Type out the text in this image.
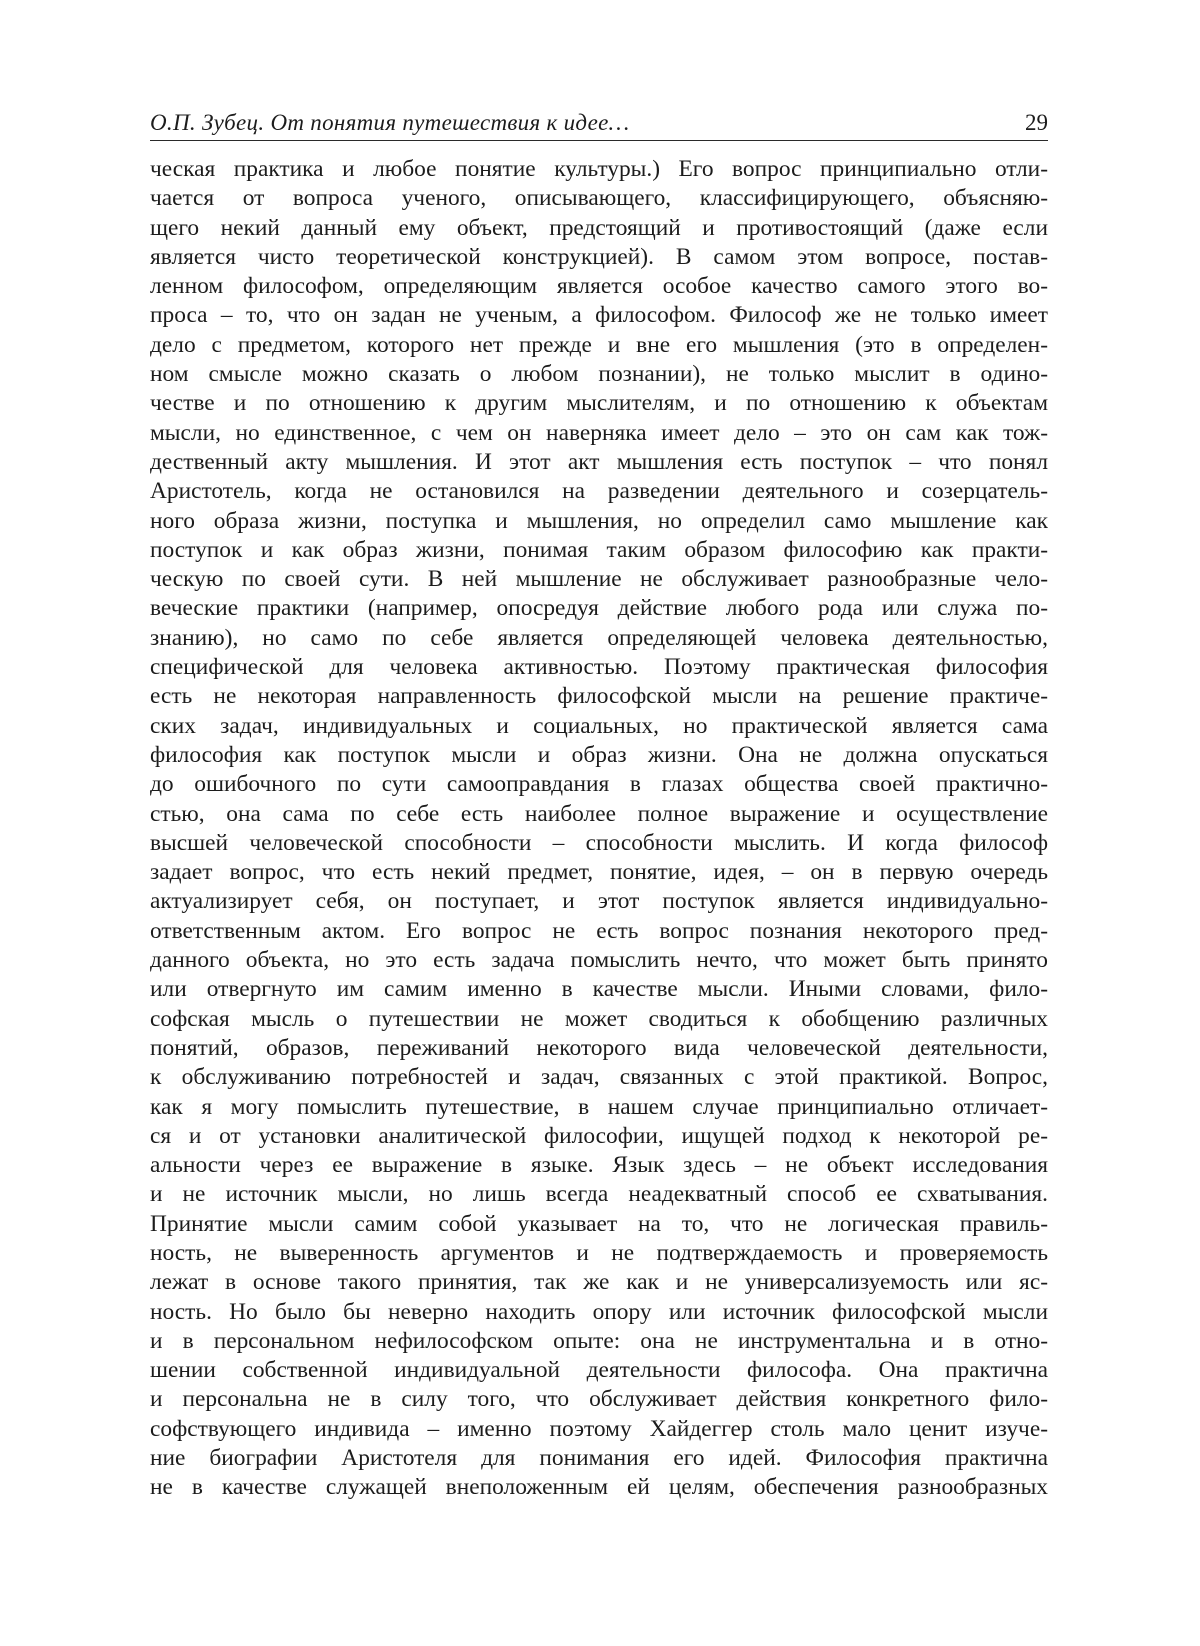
О.П. Зубец. От понятия путешествия к идее…	29
ческая практика и любое понятие культуры.) Его вопрос принципиально отли-
чается от вопроса ученого, описывающего, классифицирующего, объясняю-
щего некий данный ему объект, предстоящий и противостоящий (даже если
является чисто теоретической конструкцией). В самом этом вопросе, постав-
ленном философом, определяющим является особое качество самого этого во-
проса – то, что он задан не ученым, а философом. Философ же не только имеет
дело с предметом, которого нет прежде и вне его мышления (это в определен-
ном смысле можно сказать о любом познании), не только мыслит в одино-
честве и по отношению к другим мыслителям, и по отношению к объектам
мысли, но единственное, с чем он наверняка имеет дело – это он сам как тож-
дественный акту мышления. И этот акт мышления есть поступок – что понял
Аристотель, когда не остановился на разведении деятельного и созерцатель-
ного образа жизни, поступка и мышления, но определил само мышление как
поступок и как образ жизни, понимая таким образом философию как практи-
ческую по своей сути. В ней мышление не обслуживает разнообразные чело-
веческие практики (например, опосредуя действие любого рода или служа по-
знанию), но само по себе является определяющей человека деятельностью,
специфической для человека активностью. Поэтому практическая философия
есть не некоторая направленность философской мысли на решение практиче-
ских задач, индивидуальных и социальных, но практической является сама
философия как поступок мысли и образ жизни. Она не должна опускаться
до ошибочного по сути самооправдания в глазах общества своей практично-
стью, она сама по себе есть наиболее полное выражение и осуществление
высшей человеческой способности – способности мыслить. И когда философ
задает вопрос, что есть некий предмет, понятие, идея, – он в первую очередь
актуализирует себя, он поступает, и этот поступок является индивидуально-
ответственным актом. Его вопрос не есть вопрос познания некоторого пред-
данного объекта, но это есть задача помыслить нечто, что может быть принято
или отвергнуто им самим именно в качестве мысли. Иными словами, фило-
софская мысль о путешествии не может сводиться к обобщению различных
понятий, образов, переживаний некоторого вида человеческой деятельности,
к обслуживанию потребностей и задач, связанных с этой практикой. Вопрос,
как я могу помыслить путешествие, в нашем случае принципиально отличает-
ся и от установки аналитической философии, ищущей подход к некоторой ре-
альности через ее выражение в языке. Язык здесь – не объект исследования
и не источник мысли, но лишь всегда неадекватный способ ее схватывания.
Принятие мысли самим собой указывает на то, что не логическая правиль-
ность, не выверенность аргументов и не подтверждаемость и проверяемость
лежат в основе такого принятия, так же как и не универсализуемость или яс-
ность. Но было бы неверно находить опору или источник философской мысли
и в персональном нефилософском опыте: она не инструментальна и в отно-
шении собственной индивидуальной деятельности философа. Она практична
и персональна не в силу того, что обслуживает действия конкретного фило-
софствующего индивида – именно поэтому Хайдеггер столь мало ценит изуче-
ние биографии Аристотеля для понимания его идей. Философия практична
не в качестве служащей внеположенным ей целям, обеспечения разнообразных
